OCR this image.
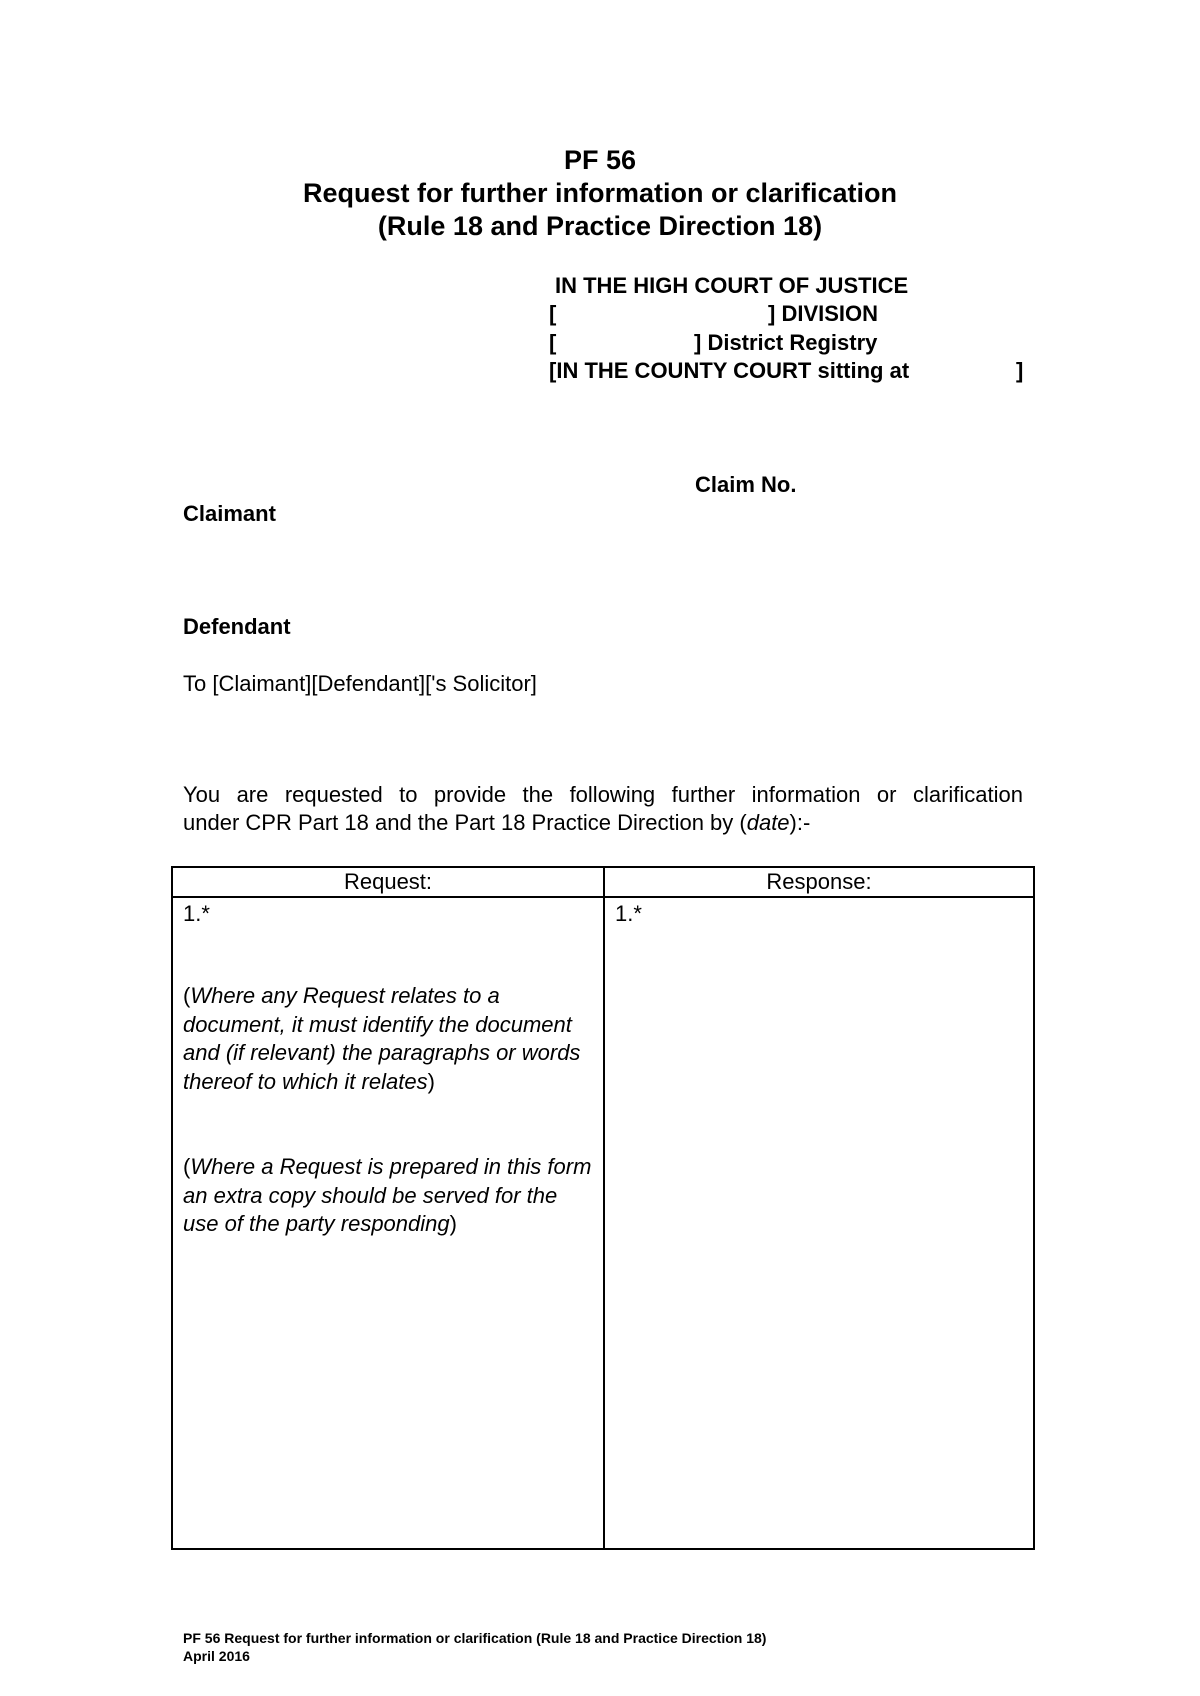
PF 56
Request for further information or clarification
(Rule 18 and Practice Direction 18)
IN THE HIGH COURT OF JUSTICE
[	] DIVISION
[	] District Registry
[IN THE COUNTY COURT sitting at	]
Claim No.
Claimant
Defendant
To [Claimant][Defendant]['s Solicitor]
You are requested to provide the following further information or clarification
under CPR Part 18 and the Part 18 Practice Direction by (date):-
Request:	Response:
1.*	1.*
(Where any Request relates to a document, it must identify the document and (if relevant) the paragraphs or words thereof to which it relates)
(Where a Request is prepared in this form an extra copy should be served for the use of the party responding)
PF 56 Request for further information or clarification (Rule 18 and Practice Direction 18)
April 2016
